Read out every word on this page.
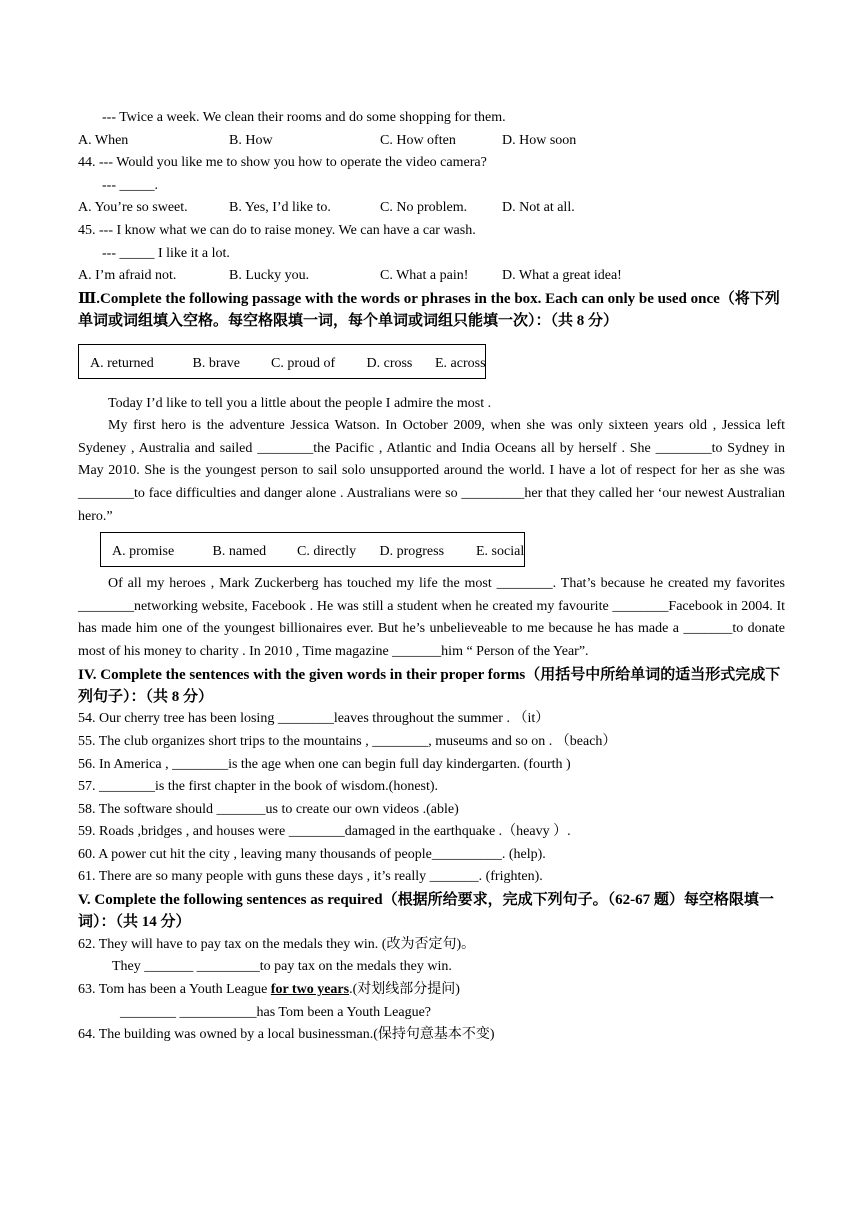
--- Twice a week. We clean their rooms and do some shopping for them.
A. When	B. How	C. How often	D. How soon
44. --- Would you like me to show you how to operate the video camera?
--- _____.
A. You’re so sweet.	B. Yes, I’d like to.	C. No problem.	D. Not at all.
45. --- I know what we can do to raise money. We can have a car wash.
--- _____ I like it a lot.
A. I’m afraid not.	B. Lucky you.	C. What a pain!	D. What a great idea!
Ⅲ.Complete the following passage with the words or phrases in the box. Each can only be used once（将下列单词或词组填入空格。每空格限填一词，每个单词或词组只能填一次）：（共 8 分）
A. returned	B. brave C. proud of D. cross E. across
Today I’d like to tell you a little about the people I admire the most .
My first hero is the adventure Jessica Watson. In October 2009, when she was only sixteen years old , Jessica left Sydeney , Australia and sailed ________the Pacific , Atlantic and India Oceans all by herself . She ________to Sydney in May 2010. She is the youngest person to sail solo unsupported around the world. I have a lot of respect for her as she was ________to face difficulties and danger alone . Australians were so _________her that they called her ‘our newest Australian hero.”
A. promise	B. named C. directly D. progress E. social
Of all my heroes , Mark Zuckerberg has touched my life the most ________. That’s because he created my favorites ________networking website, Facebook . He was still a student when he created my favourite ________Facebook in 2004. It has made him one of the youngest billionaires ever. But he’s unbelieveable to me because he has made a _______to donate most of his money to charity . In 2010 , Time magazine _______him “ Person of the Year”.
IV. Complete the sentences with the given words in their proper forms（用括号中所给单词的适当形式完成下列句子）：（共 8 分）
54. Our cherry tree has been losing ________leaves throughout the summer . （it）
55. The club organizes short trips to the mountains , ________, museums and so on . （beach）
56. In America , ________is the age when one can begin full day kindergarten. (fourth )
57. ________is the first chapter in the book of wisdom.(honest).
58. The software should _______us to create our own videos .(able)
59. Roads ,bridges , and houses were ________damaged in the earthquake .（heavy ）.
60. A power cut hit the city , leaving many thousands of people__________. (help).
61. There are so many people with guns these days , it’s really _______. (frighten).
V. Complete the following sentences as required（根据所给要求，完成下列句子。（62-67 题）每空格限填一词）：（共 14 分）
62. They will have to pay tax on the medals they win. (改为否定句)。
They _______ _________to pay tax on the medals they win.
63. Tom has been a Youth League for two years.(对划线部分提问)
________ ___________has Tom been a Youth League?
64. The building was owned by a local businessman.(保持句意基本不变)
